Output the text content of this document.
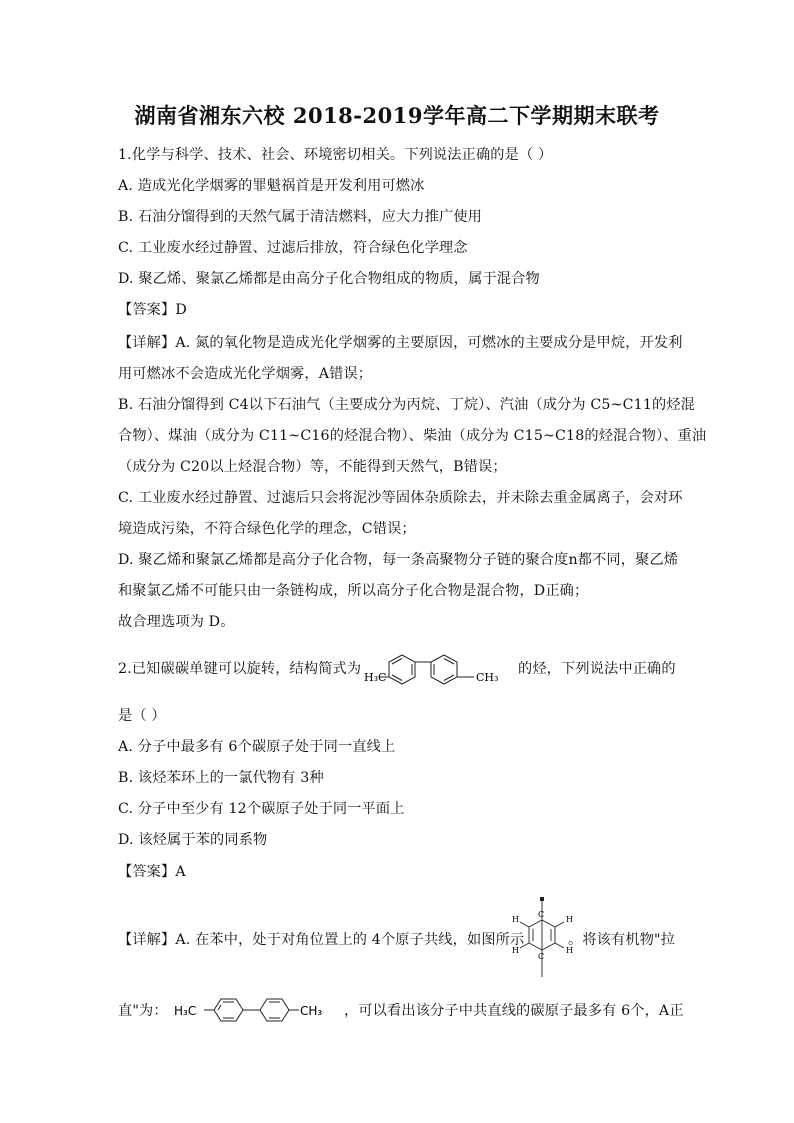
湖南省湘东六校 2018-2019学年高二下学期期末联考
1.化学与科学、技术、社会、环境密切相关。下列说法正确的是（ ）
A. 造成光化学烟雾的罪魁祸首是开发利用可燃冰
B. 石油分馏得到的天然气属于清洁燃料，应大力推广使用
C. 工业废水经过静置、过滤后排放，符合绿色化学理念
D. 聚乙烯、聚氯乙烯都是由高分子化合物组成的物质，属于混合物
【答案】D
【详解】A. 氮的氧化物是造成光化学烟雾的主要原因，可燃冰的主要成分是甲烷，开发利
用可燃冰不会造成光化学烟雾，A错误；
B. 石油分馏得到 C4以下石油气（主要成分为丙烷、丁烷）、汽油（成分为 C5~C11的烃混
合物）、煤油（成分为 C11~C16的烃混合物）、柴油（成分为 C15~C18的烃混合物）、重油
（成分为 C20以上烃混合物）等，不能得到天然气，B错误；
C. 工业废水经过静置、过滤后只会将泥沙等固体杂质除去，并未除去重金属离子，会对环
境造成污染，不符合绿色化学的理念，C错误；
D. 聚乙烯和聚氯乙烯都是高分子化合物，每一条高聚物分子链的聚合度n都不同，聚乙烯
和聚氯乙烯不可能只由一条链构成，所以高分子化合物是混合物，D正确；
故合理选项为 D。
2.已知碳碳单键可以旋转，结构简式为
H₃C	CH₃
的烃，下列说法中正确的
是（ ）
A. 分子中最多有 6个碳原子处于同一直线上
B. 该烃苯环上的一氯代物有 3种
C. 分子中至少有 12个碳原子处于同一平面上
D. 该烃属于苯的同系物
【答案】A
【详解】A. 在苯中，处于对角位置上的 4个原子共线，如图所示
C
H
H
H
H
C
。将该有机物"拉
直"为： H₃C	CH₃ ，可以看出该分子中共直线的碳原子最多有 6个，A正
